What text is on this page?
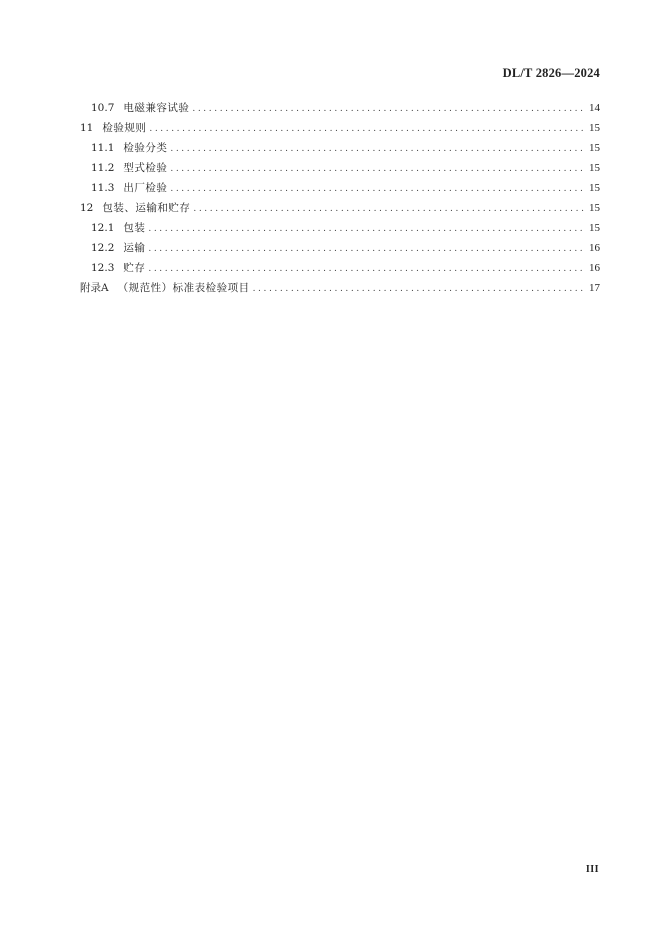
DL/T 2826—2024
10.7 电磁兼容试验 .....	14
11 检验规则 .....	15
11.1 检验分类 .....	15
11.2 型式检验 .....	15
11.3 出厂检验 .....	15
12 包装、运输和贮存 .....	15
12.1 包装 .....	15
12.2 运输 .....	16
12.3 贮存 .....	16
附录A （规范性）标准表检验项目 .....	17
III
